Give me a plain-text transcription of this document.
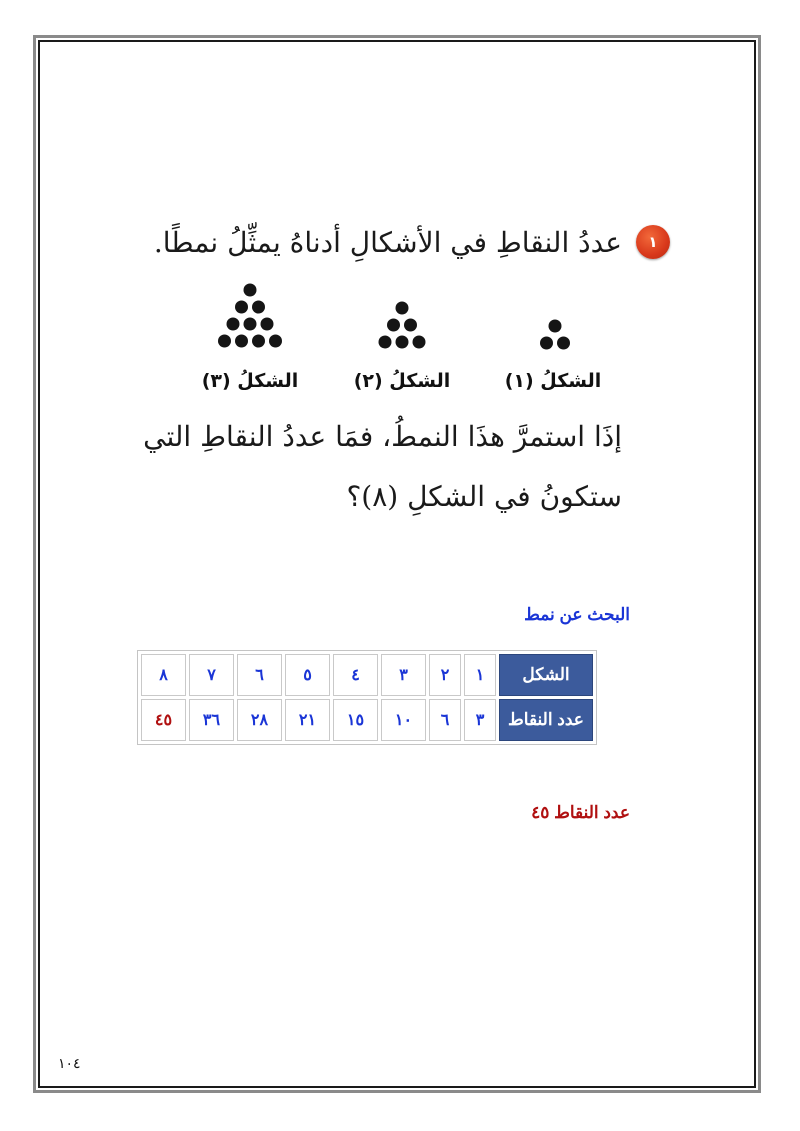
١
عددُ النقاطِ في الأشكالِ أدناهُ يمثِّلُ نمطًا.
الشكلُ (١)
الشكلُ (٢)
الشكلُ (٣)
إذَا استمرَّ هذَا النمطُ، فمَا عددُ النقاطِ التي
ستكونُ في الشكلِ (٨)؟
البحث عن نمط
الشكل	١	٢	٣	٤	٥	٦	٧	٨
عدد النقاط	٣	٦	١٠	١٥	٢١	٢٨	٣٦	٤٥
عدد النقاط ٤٥
١٠٤
